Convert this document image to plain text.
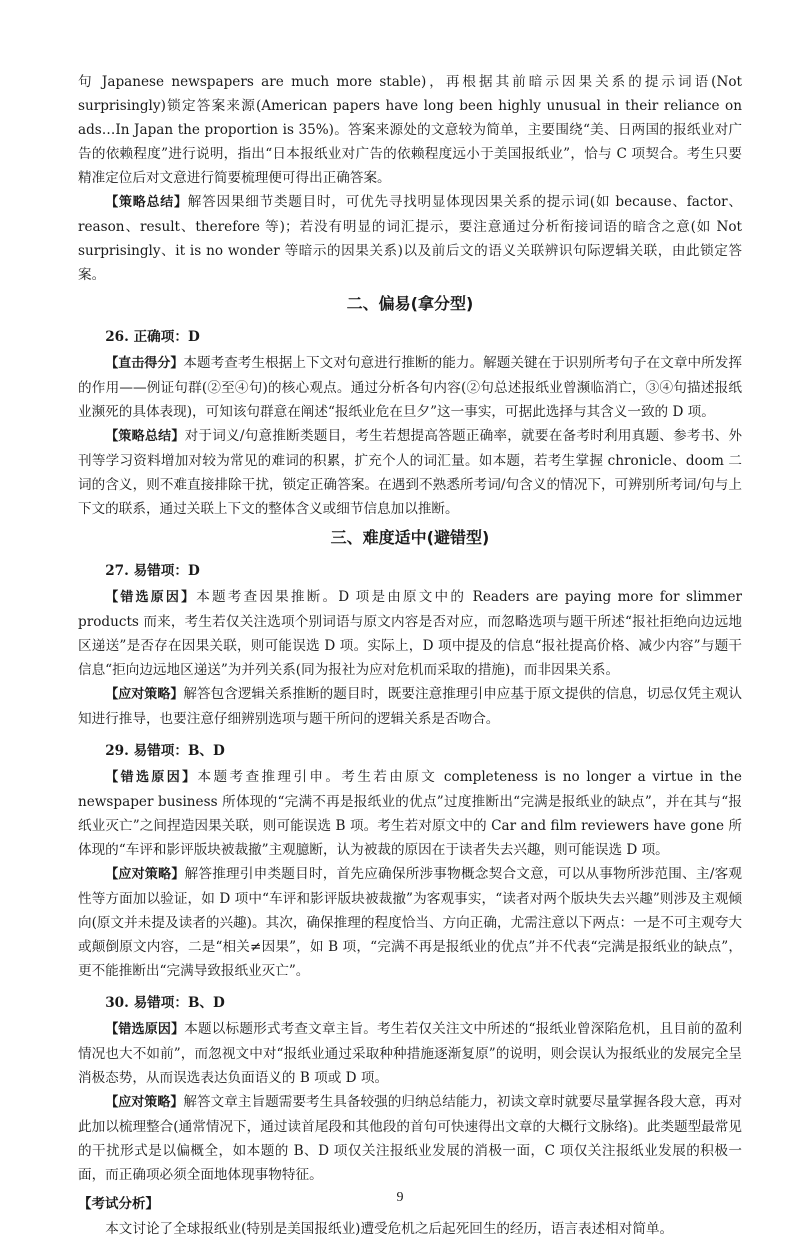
句 Japanese newspapers are much more stable)，再根据其前暗示因果关系的提示词语(Not surprisingly)锁定答案来源(American papers have long been highly unusual in their reliance on ads…In Japan the proportion is 35%)。答案来源处的文意较为简单，主要围绕“美、日两国的报纸业对广告的依赖程度”进行说明，指出“日本报纸业对广告的依赖程度远小于美国报纸业”，恰与 C 项契合。考生只要精准定位后对文意进行简要梳理便可得出正确答案。

【策略总结】解答因果细节类题目时，可优先寻找明显体现因果关系的提示词(如 because、factor、reason、result、therefore 等)；若没有明显的词汇提示，要注意通过分析衔接词语的暗含之意(如 Not surprisingly、it is no wonder 等暗示的因果关系)以及前后文的语义关联辨识句际逻辑关联，由此锁定答案。

二、偏易(拿分型)

26. 正确项：D

【直击得分】本题考查考生根据上下文对句意进行推断的能力。解题关键在于识别所考句子在文章中所发挥的作用——例证句群(②至④句)的核心观点。通过分析各句内容(②句总述报纸业曾濒临消亡，③④句描述报纸业濒死的具体表现)，可知该句群意在阐述“报纸业危在旦夕”这一事实，可据此选择与其含义一致的 D 项。

【策略总结】对于词义/句意推断类题目，考生若想提高答题正确率，就要在备考时利用真题、参考书、外刊等学习资料增加对较为常见的难词的积累，扩充个人的词汇量。如本题，若考生掌握 chronicle、doom 二词的含义，则不难直接排除干扰，锁定正确答案。在遇到不熟悉所考词/句含义的情况下，可辨别所考词/句与上下文的联系，通过关联上下文的整体含义或细节信息加以推断。

三、难度适中(避错型)

27. 易错项：D

【错选原因】本题考查因果推断。D 项是由原文中的 Readers are paying more for slimmer products 而来，考生若仅关注选项个别词语与原文内容是否对应，而忽略选项与题干所述“报社拒绝向边远地区递送”是否存在因果关联，则可能误选 D 项。实际上，D 项中提及的信息“报社提高价格、减少内容”与题干信息“拒向边远地区递送”为并列关系(同为报社为应对危机而采取的措施)，而非因果关系。

【应对策略】解答包含逻辑关系推断的题目时，既要注意推理引申应基于原文提供的信息，切忌仅凭主观认知进行推导，也要注意仔细辨别选项与题干所问的逻辑关系是否吻合。

29. 易错项：B、D

【错选原因】本题考查推理引申。考生若由原文 completeness is no longer a virtue in the newspaper business 所体现的“完满不再是报纸业的优点”过度推断出“完满是报纸业的缺点”，并在其与“报纸业灭亡”之间捏造因果关联，则可能误选 B 项。考生若对原文中的 Car and film reviewers have gone 所体现的“车评和影评版块被裁撤”主观臆断，认为被裁的原因在于读者失去兴趣，则可能误选 D 项。

【应对策略】解答推理引申类题目时，首先应确保所涉事物概念契合文意，可以从事物所涉范围、主/客观性等方面加以验证，如 D 项中“车评和影评版块被裁撤”为客观事实，“读者对两个版块失去兴趣”则涉及主观倾向(原文并未提及读者的兴趣)。其次，确保推理的程度恰当、方向正确，尤需注意以下两点：一是不可主观夸大或颠倒原文内容，二是“相关≠因果”，如 B 项，“完满不再是报纸业的优点”并不代表“完满是报纸业的缺点”，更不能推断出“完满导致报纸业灭亡”。

30. 易错项：B、D

【错选原因】本题以标题形式考查文章主旨。考生若仅关注文中所述的“报纸业曾深陷危机，且目前的盈利情况也大不如前”，而忽视文中对“报纸业通过采取种种措施逐渐复原”的说明，则会误认为报纸业的发展完全呈消极态势，从而误选表达负面语义的 B 项或 D 项。

【应对策略】解答文章主旨题需要考生具备较强的归纳总结能力，初读文章时就要尽量掌握各段大意，再对此加以梳理整合(通常情况下，通过读首尾段和其他段的首句可快速得出文章的大概行文脉络)。此类题型最常见的干扰形式是以偏概全，如本题的 B、D 项仅关注报纸业发展的消极一面，C 项仅关注报纸业发展的积极一面，而正确项必须全面地体现事物特征。

【考试分析】

本文讨论了全球报纸业(特别是美国报纸业)遭受危机之后起死回生的经历，语言表述相对简单。

9
